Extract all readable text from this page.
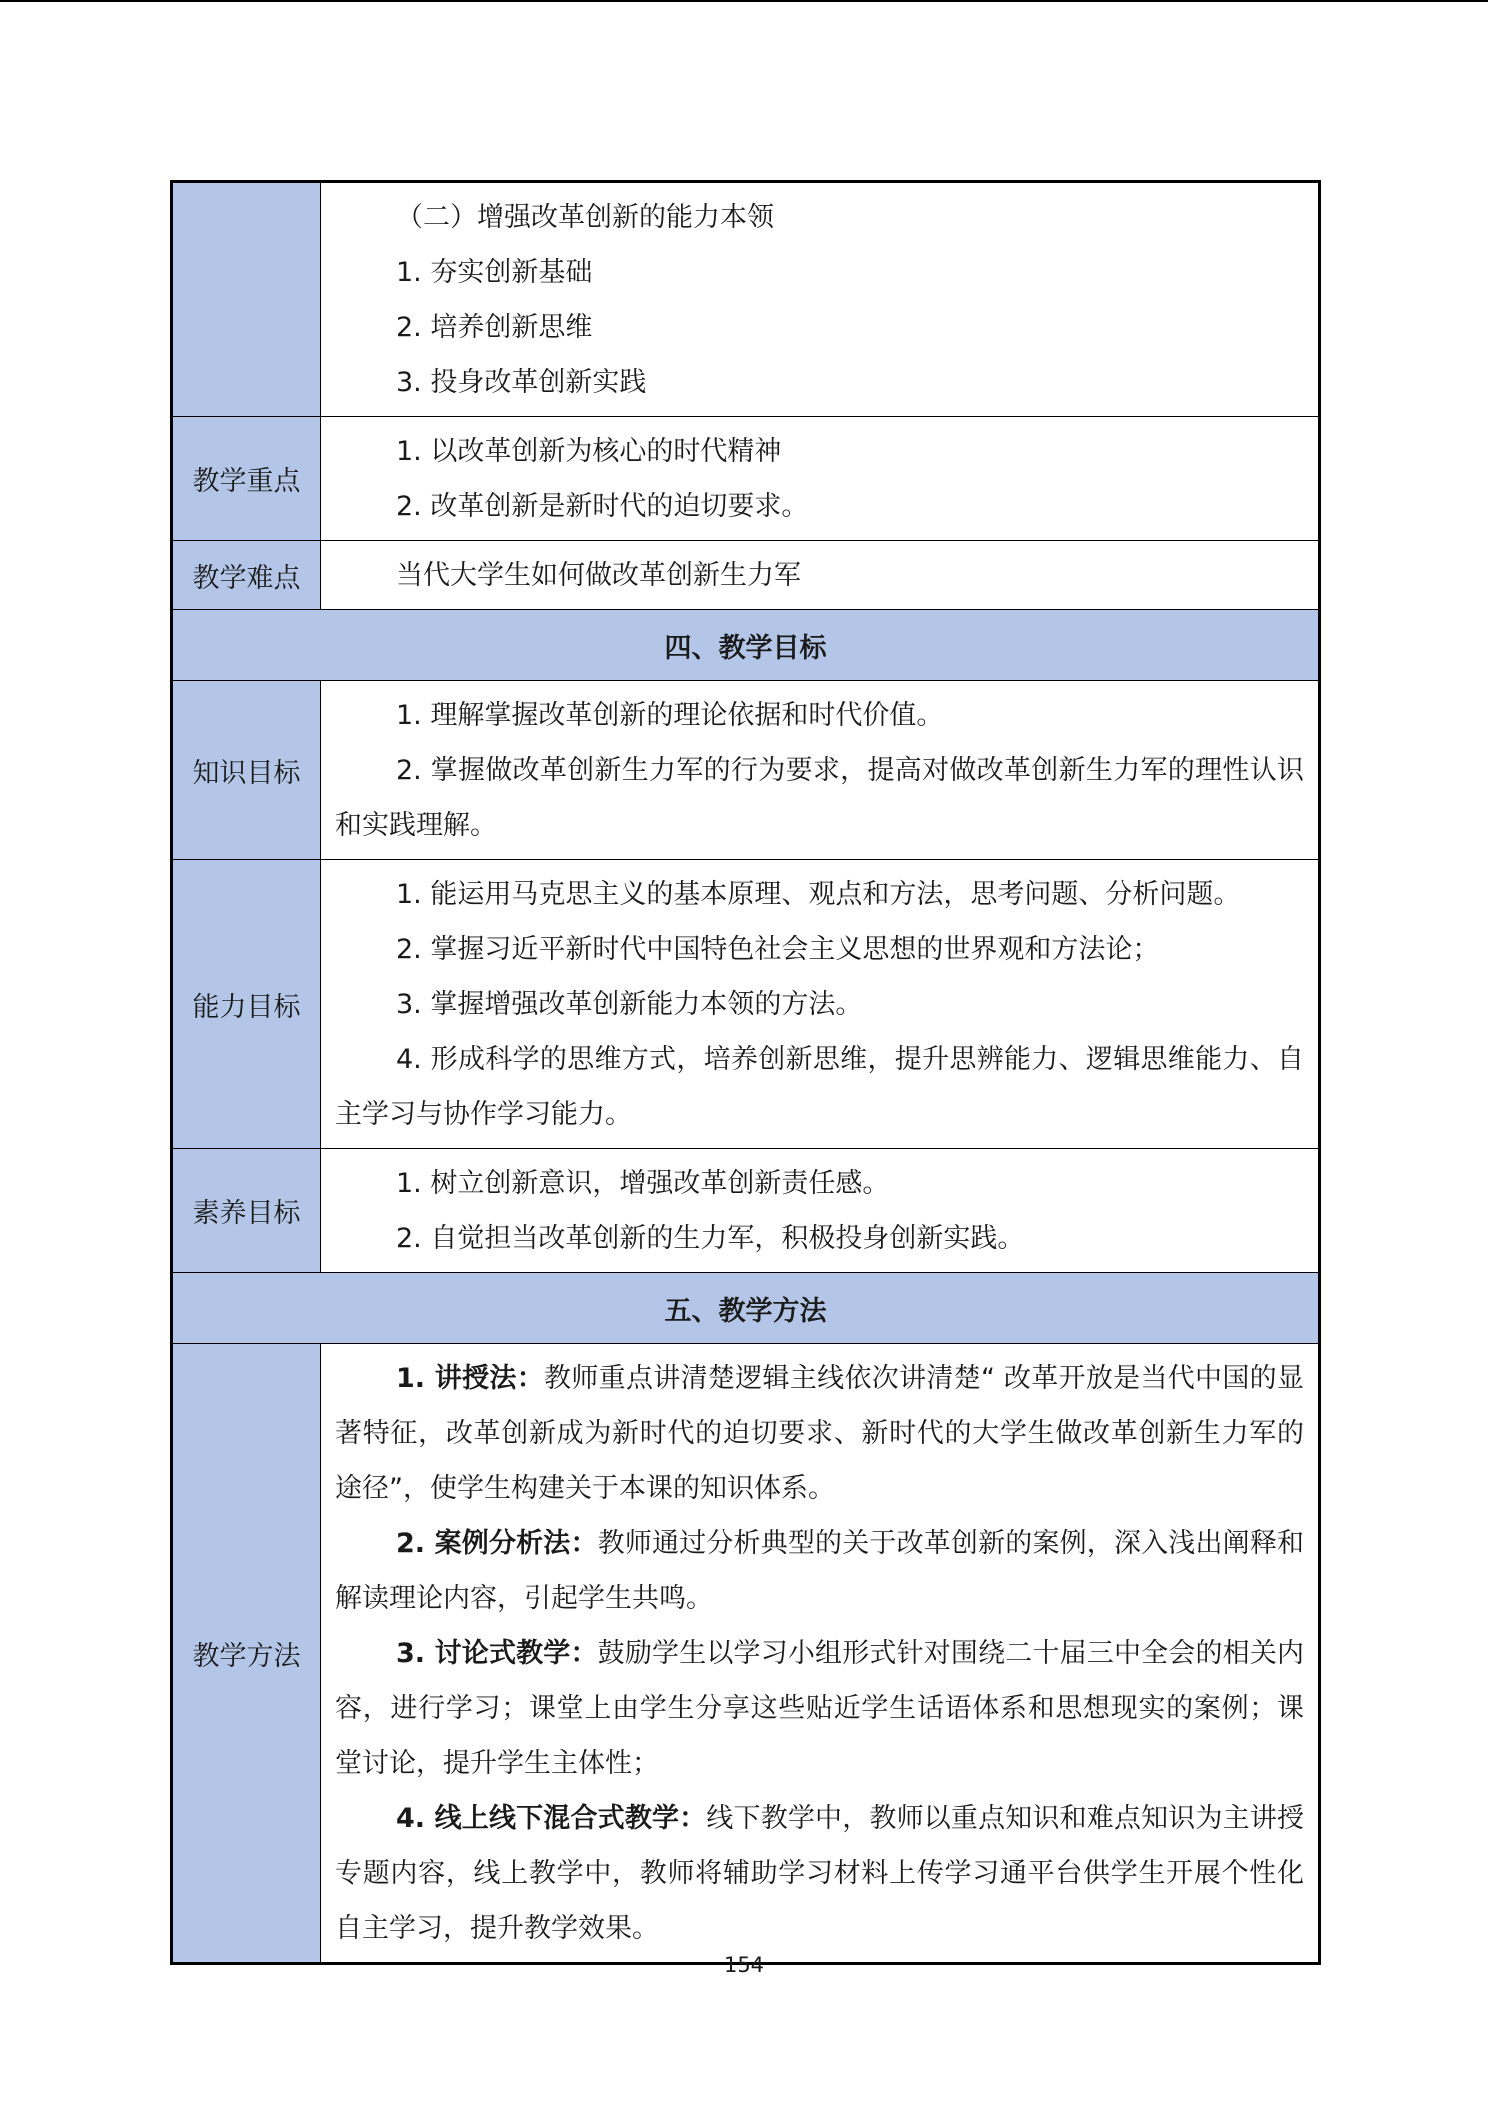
	（二）增强改革创新的能力本领

1. 夯实创新基础

2. 培养创新思维

3. 投身改革创新实践

教学重点	1. 以改革创新为核心的时代精神

2. 改革创新是新时代的迫切要求。

教学难点	当代大学生如何做改革创新生力军

四、教学目标	
知识目标	1. 理解掌握改革创新的理论依据和时代价值。

2. 掌握做改革创新生力军的行为要求，提高对做改革创新生力军的理性认识和实践理解。

能力目标	1. 能运用马克思主义的基本原理、观点和方法，思考问题、分析问题。

2. 掌握习近平新时代中国特色社会主义思想的世界观和方法论；

3. 掌握增强改革创新能力本领的方法。

4. 形成科学的思维方式，培养创新思维，提升思辨能力、逻辑思维能力、自主学习与协作学习能力。

素养目标	1. 树立创新意识，增强改革创新责任感。

2. 自觉担当改革创新的生力军，积极投身创新实践。

五、教学方法	
教学方法	1. 讲授法：教师重点讲清楚逻辑主线依次讲清楚“ 改革开放是当代中国的显著特征，改革创新成为新时代的迫切要求、新时代的大学生做改革创新生力军的途径”，使学生构建关于本课的知识体系。

2. 案例分析法：教师通过分析典型的关于改革创新的案例，深入浅出阐释和解读理论内容，引起学生共鸣。

3. 讨论式教学：鼓励学生以学习小组形式针对围绕二十届三中全会的相关内容，进行学习；课堂上由学生分享这些贴近学生话语体系和思想现实的案例；课堂讨论，提升学生主体性；

4. 线上线下混合式教学：线下教学中，教师以重点知识和难点知识为主讲授专题内容，线上教学中，教师将辅助学习材料上传学习通平台供学生开展个性化自主学习，提升教学效果。

154
